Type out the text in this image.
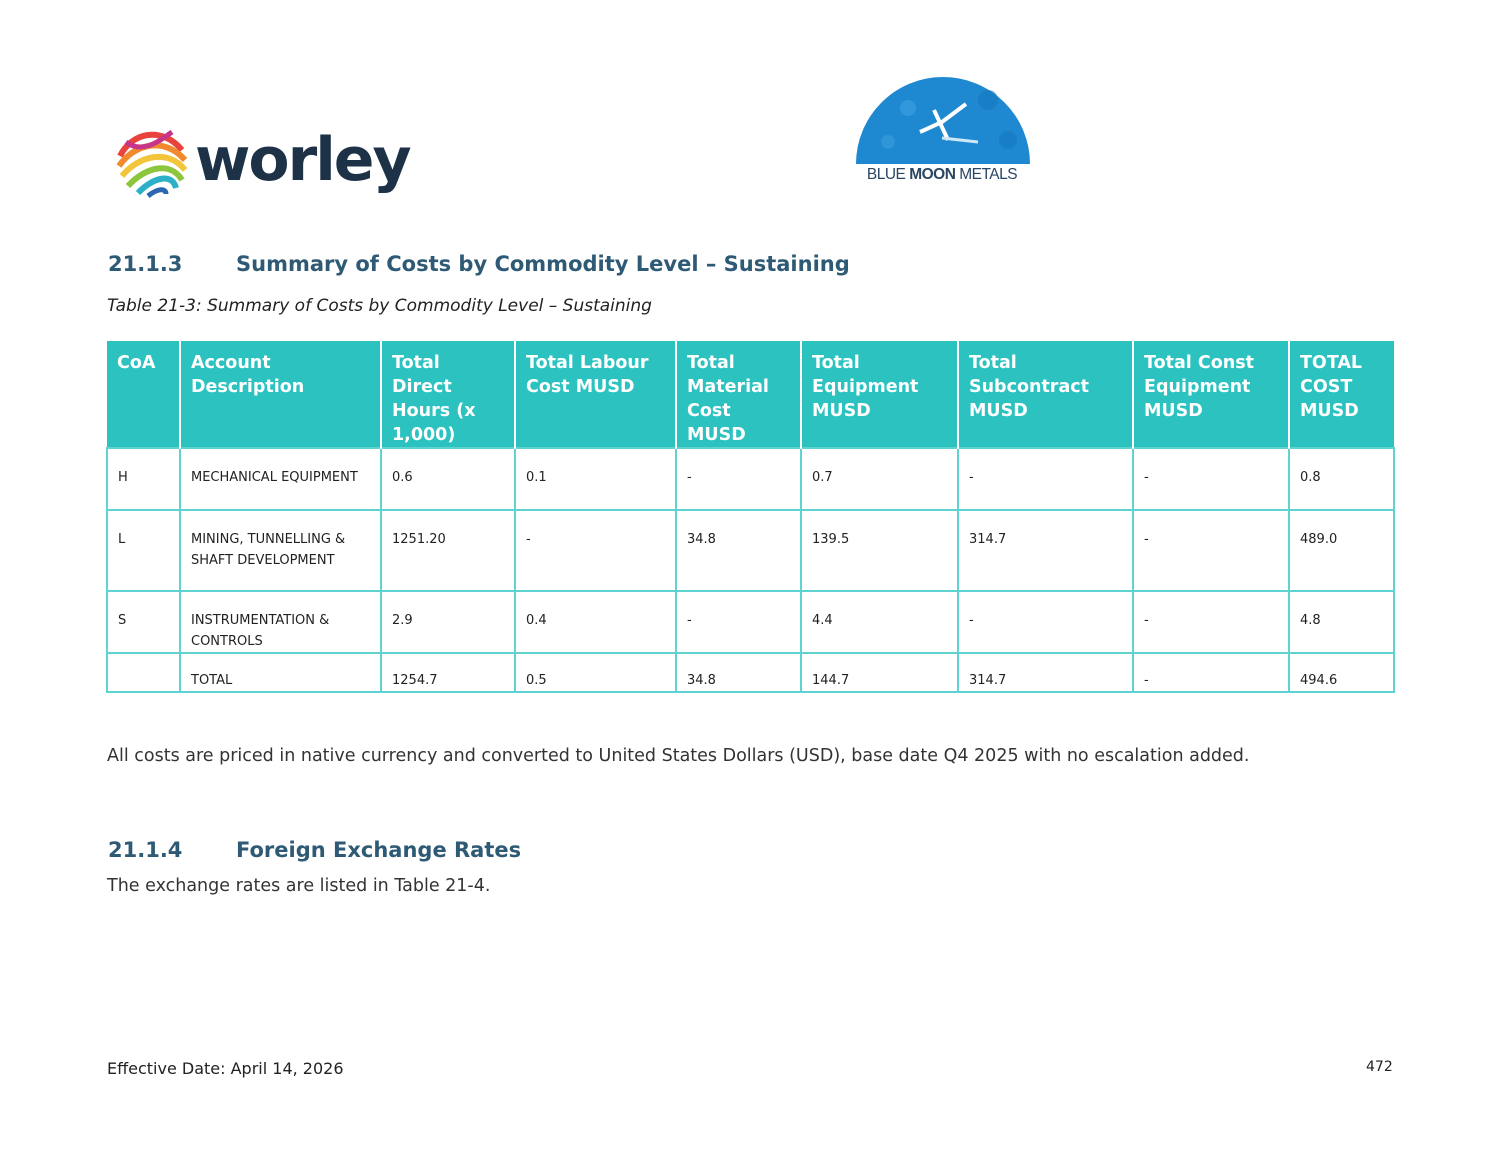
worley	BLUE MOON METALS
21.1.3	Summary of Costs by Commodity Level – Sustaining
Table 21-3: Summary of Costs by Commodity Level – Sustaining
CoA	Account Description	Total Direct Hours (x 1,000)	Total Labour Cost MUSD	Total Material Cost MUSD	Total Equipment MUSD	Total Subcontract MUSD	Total Const Equipment MUSD	TOTAL COST MUSD
H	MECHANICAL EQUIPMENT	0.6	0.1	-	0.7	-	-	0.8
L	MINING, TUNNELLING & SHAFT DEVELOPMENT	1251.20	-	34.8	139.5	314.7	-	489.0
S	INSTRUMENTATION & CONTROLS	2.9	0.4	-	4.4	-	-	4.8
	TOTAL	1254.7	0.5	34.8	144.7	314.7	-	494.6
All costs are priced in native currency and converted to United States Dollars (USD), base date Q4 2025 with no escalation added.
21.1.4	Foreign Exchange Rates
The exchange rates are listed in Table 21-4.
Effective Date: April 14, 2026	472
